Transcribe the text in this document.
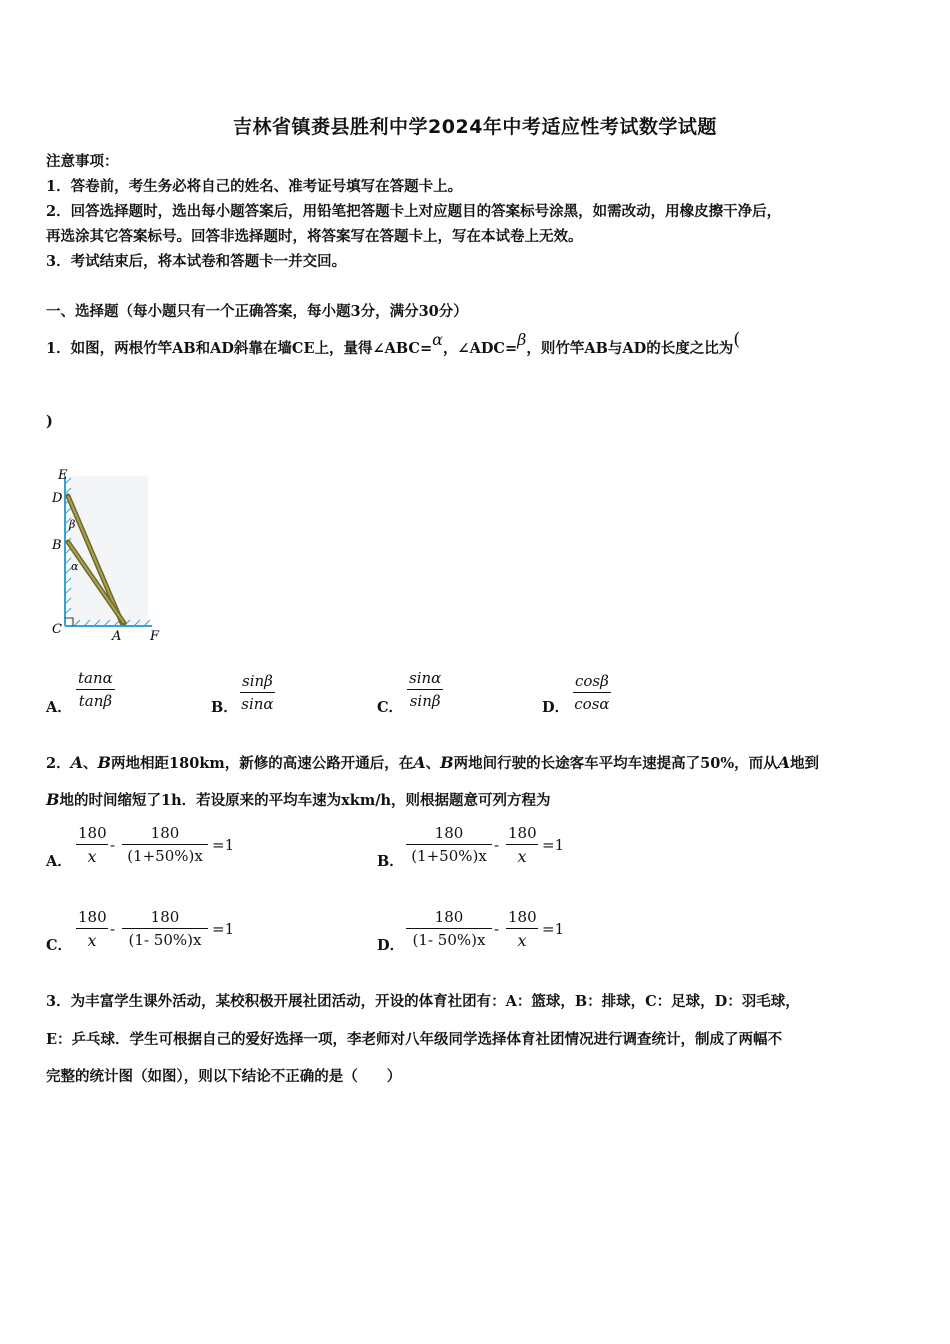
吉林省镇赉县胜利中学2024年中考适应性考试数学试题
注意事项：
1．答卷前，考生务必将自己的姓名、准考证号填写在答题卡上。
2．回答选择题时，选出每小题答案后，用铅笔把答题卡上对应题目的答案标号涂黑，如需改动，用橡皮擦干净后，
再选涂其它答案标号。回答非选择题时，将答案写在答题卡上，写在本试卷上无效。
3．考试结束后，将本试卷和答题卡一并交回。
一、选择题（每小题只有一个正确答案，每小题3分，满分30分）
1．如图，两根竹竿AB和AD斜靠在墙CE上，量得∠ABC=α，∠ADC=β，则竹竿AB与AD的长度之比为(
)
E
D
B
C	A F
β
α
A． $\frac{\tan\alpha}{\tan\beta}$	B． $\frac{\sin\beta}{\sin\alpha}$	C． $\frac{\sin\alpha}{\sin\beta}$	D． $\frac{\cos\beta}{\cos\alpha}$
2．A、B两地相距180km，新修的高速公路开通后，在A、B两地间行驶的长途客车平均车速提高了50%，而从A地到
B地的时间缩短了1h．若设原来的平均车速为xkm/h，则根据题意可列方程为
A． $\frac{180}{x} - \frac{180}{(1+50\%)x} =1$
B． $\frac{180}{(1+50\%)x} - \frac{180}{x} =1$
C． $\frac{180}{x} - \frac{180}{(1- 50\%)x} =1$
D． $\frac{180}{(1- 50\%)x} - \frac{180}{x} =1$
3．为丰富学生课外活动，某校积极开展社团活动，开设的体育社团有：A：篮球，B：排球，C：足球，D：羽毛球，
E：乒乓球．学生可根据自己的爱好选择一项，李老师对八年级同学选择体育社团情况进行调查统计，制成了两幅不
完整的统计图（如图），则以下结论不正确的是（　　）
